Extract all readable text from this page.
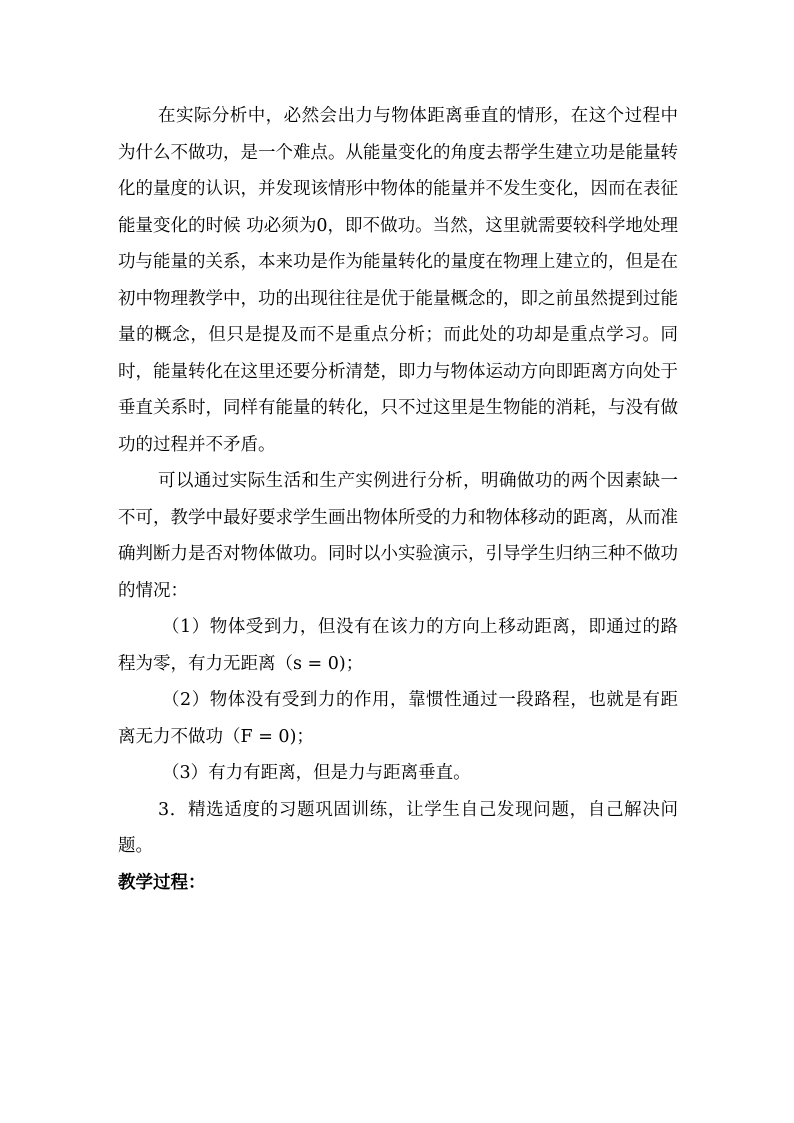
在实际分析中，必然会出力与物体距离垂直的情形，在这个过程中为什么不做功，是一个难点。从能量变化的角度去帮学生建立功是能量转化的量度的认识，并发现该情形中物体的能量并不发生变化，因而在表征能量变化的时候 功必须为0，即不做功。当然，这里就需要较科学地处理功与能量的关系，本来功是作为能量转化的量度在物理上建立的，但是在初中物理教学中，功的出现往往是优于能量概念的，即之前虽然提到过能量的概念，但只是提及而不是重点分析；而此处的功却是重点学习。同时，能量转化在这里还要分析清楚，即力与物体运动方向即距离方向处于垂直关系时，同样有能量的转化，只不过这里是生物能的消耗，与没有做功的过程并不矛盾。

可以通过实际生活和生产实例进行分析，明确做功的两个因素缺一不可，教学中最好要求学生画出物体所受的力和物体移动的距离，从而准确判断力是否对物体做功。同时以小实验演示，引导学生归纳三种不做功的情况：

（1）物体受到力，但没有在该力的方向上移动距离，即通过的路程为零，有力无距离（s = 0)；

（2）物体没有受到力的作用，靠惯性通过一段路程，也就是有距离无力不做功（F = 0)；

（3）有力有距离，但是力与距离垂直。

3．精选适度的习题巩固训练，让学生自己发现问题，自己解决问题。

教学过程：
